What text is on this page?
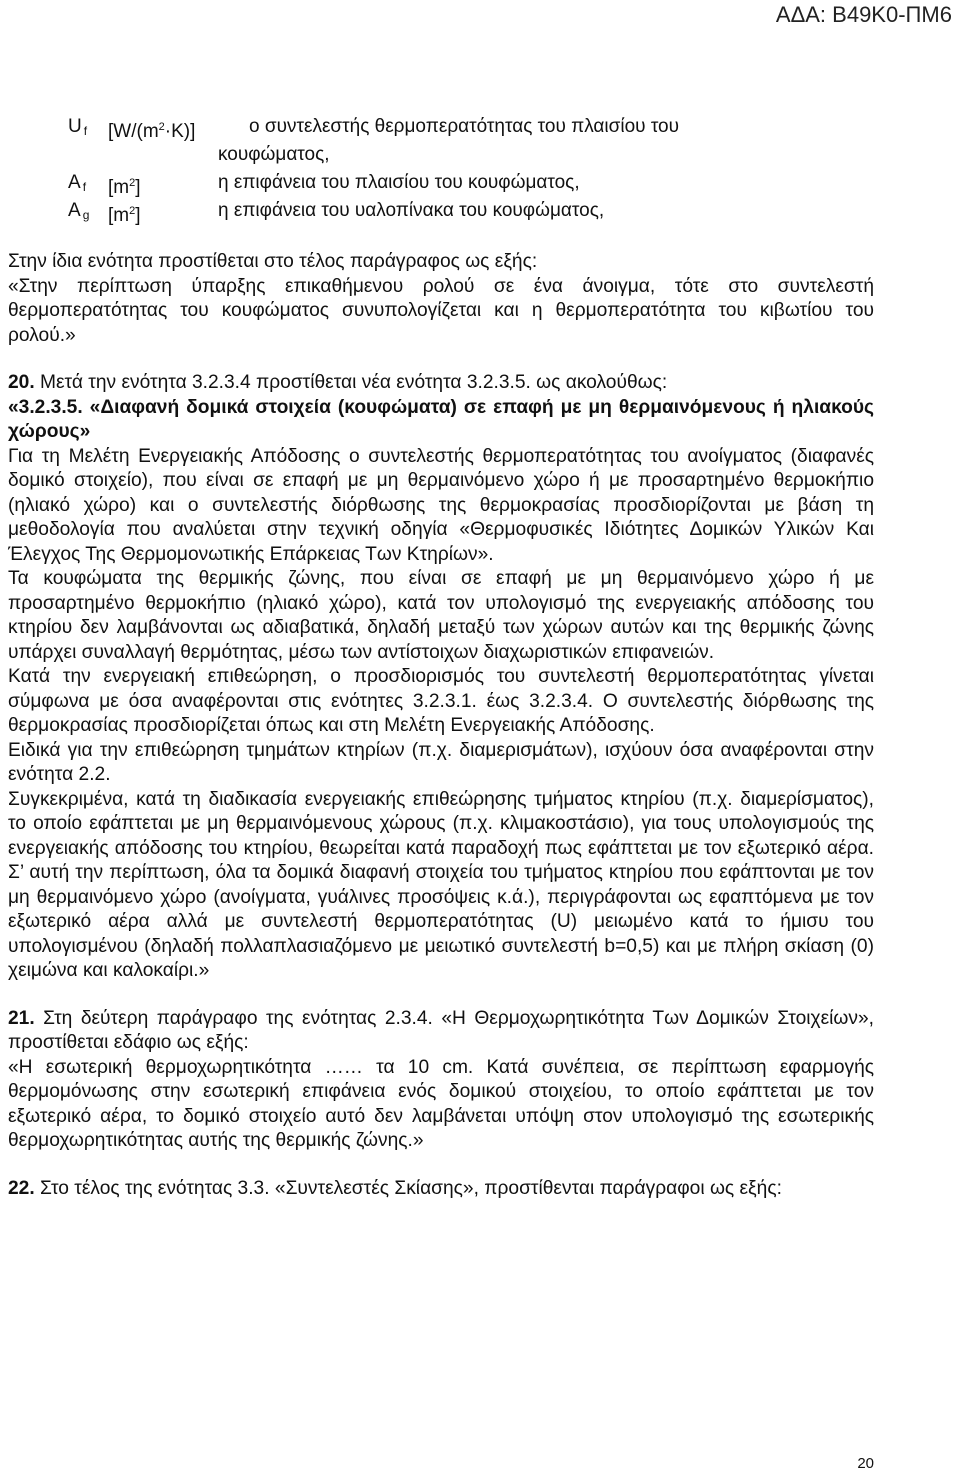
ΑΔΑ: Β49Κ0-ΠΜ6
U $_f$ $[W/(m^2\cdot K)]$	ο συντελεστής θερμοπερατότητας του πλαισίου του
κουφώματος,
A $_f$ $[m^2]$	η επιφάνεια του πλαισίου του κουφώματος,
A $_g$ $[m^2]$	η επιφάνεια του υαλοπίνακα του κουφώματος,

Στην ίδια ενότητα προστίθεται στο τέλος παράγραφος ως εξής:

«Στην περίπτωση ύπαρξης επικαθήμενου ρολού σε ένα άνοιγμα, τότε στο συντελεστή θερμοπερατότητας του κουφώματος συνυπολογίζεται και η θερμοπερατότητα του κιβωτίου του ρολού.»

20. Μετά την ενότητα 3.2.3.4 προστίθεται νέα ενότητα 3.2.3.5. ως ακολούθως:

«3.2.3.5. «Διαφανή δομικά στοιχεία (κουφώματα) σε επαφή με μη θερμαινόμενους ή ηλιακούς χώρους»

Για τη Μελέτη Ενεργειακής Απόδοσης ο συντελεστής θερμοπερατότητας του ανοίγματος (διαφανές δομικό στοιχείο), που είναι σε επαφή με μη θερμαινόμενο χώρο ή με προσαρτημένο θερμοκήπιο (ηλιακό χώρο) και ο συντελεστής διόρθωσης της θερμοκρασίας προσδιορίζονται με βάση τη μεθοδολογία που αναλύεται στην τεχνική οδηγία «Θερμοφυσικές Ιδιότητες Δομικών Υλικών Και Έλεγχος Της Θερμομονωτικής Επάρκειας Των Κτηρίων».

Τα κουφώματα της θερμικής ζώνης, που είναι σε επαφή με μη θερμαινόμενο χώρο ή με προσαρτημένο θερμοκήπιο (ηλιακό χώρο), κατά τον υπολογισμό της ενεργειακής απόδοσης του κτηρίου δεν λαμβάνονται ως αδιαβατικά, δηλαδή μεταξύ των χώρων αυτών και της θερμικής ζώνης υπάρχει συναλλαγή θερμότητας, μέσω των αντίστοιχων διαχωριστικών επιφανειών.

Κατά την ενεργειακή επιθεώρηση, ο προσδιορισμός του συντελεστή θερμοπερατότητας γίνεται σύμφωνα με όσα αναφέρονται στις ενότητες 3.2.3.1. έως 3.2.3.4. Ο συντελεστής διόρθωσης της θερμοκρασίας προσδιορίζεται όπως και στη Μελέτη Ενεργειακής Απόδοσης.

Ειδικά για την επιθεώρηση τμημάτων κτηρίων (π.χ. διαμερισμάτων), ισχύουν όσα αναφέρονται στην ενότητα 2.2.

Συγκεκριμένα, κατά τη διαδικασία ενεργειακής επιθεώρησης τμήματος κτηρίου (π.χ. διαμερίσματος), το οποίο εφάπτεται με μη θερμαινόμενους χώρους (π.χ. κλιμακοστάσιο), για τους υπολογισμούς της ενεργειακής απόδοσης του κτηρίου, θεωρείται κατά παραδοχή πως εφάπτεται με τον εξωτερικό αέρα. Σ’ αυτή την περίπτωση, όλα τα δομικά διαφανή στοιχεία του τμήματος κτηρίου που εφάπτονται με τον μη θερμαινόμενο χώρο (ανοίγματα, γυάλινες προσόψεις κ.ά.), περιγράφονται ως εφαπτόμενα με τον εξωτερικό αέρα αλλά με συντελεστή θερμοπερατότητας (U) μειωμένο κατά το ήμισυ του υπολογισμένου (δηλαδή πολλαπλασιαζόμενο με μειωτικό συντελεστή b=0,5) και με πλήρη σκίαση (0) χειμώνα και καλοκαίρι.»

21. Στη δεύτερη παράγραφο της ενότητας 2.3.4. «Η Θερμοχωρητικότητα Των Δομικών Στοιχείων», προστίθεται εδάφιο ως εξής:

«Η εσωτερική θερμοχωρητικότητα …… τα 10 cm. Κατά συνέπεια, σε περίπτωση εφαρμογής θερμομόνωσης στην εσωτερική επιφάνεια ενός δομικού στοιχείου, το οποίο εφάπτεται με τον εξωτερικό αέρα, το δομικό στοιχείο αυτό δεν λαμβάνεται υπόψη στον υπολογισμό της εσωτερικής θερμοχωρητικότητας αυτής της θερμικής ζώνης.»

22. Στο τέλος της ενότητας 3.3. «Συντελεστές Σκίασης», προστίθενται παράγραφοι ως εξής:

20
